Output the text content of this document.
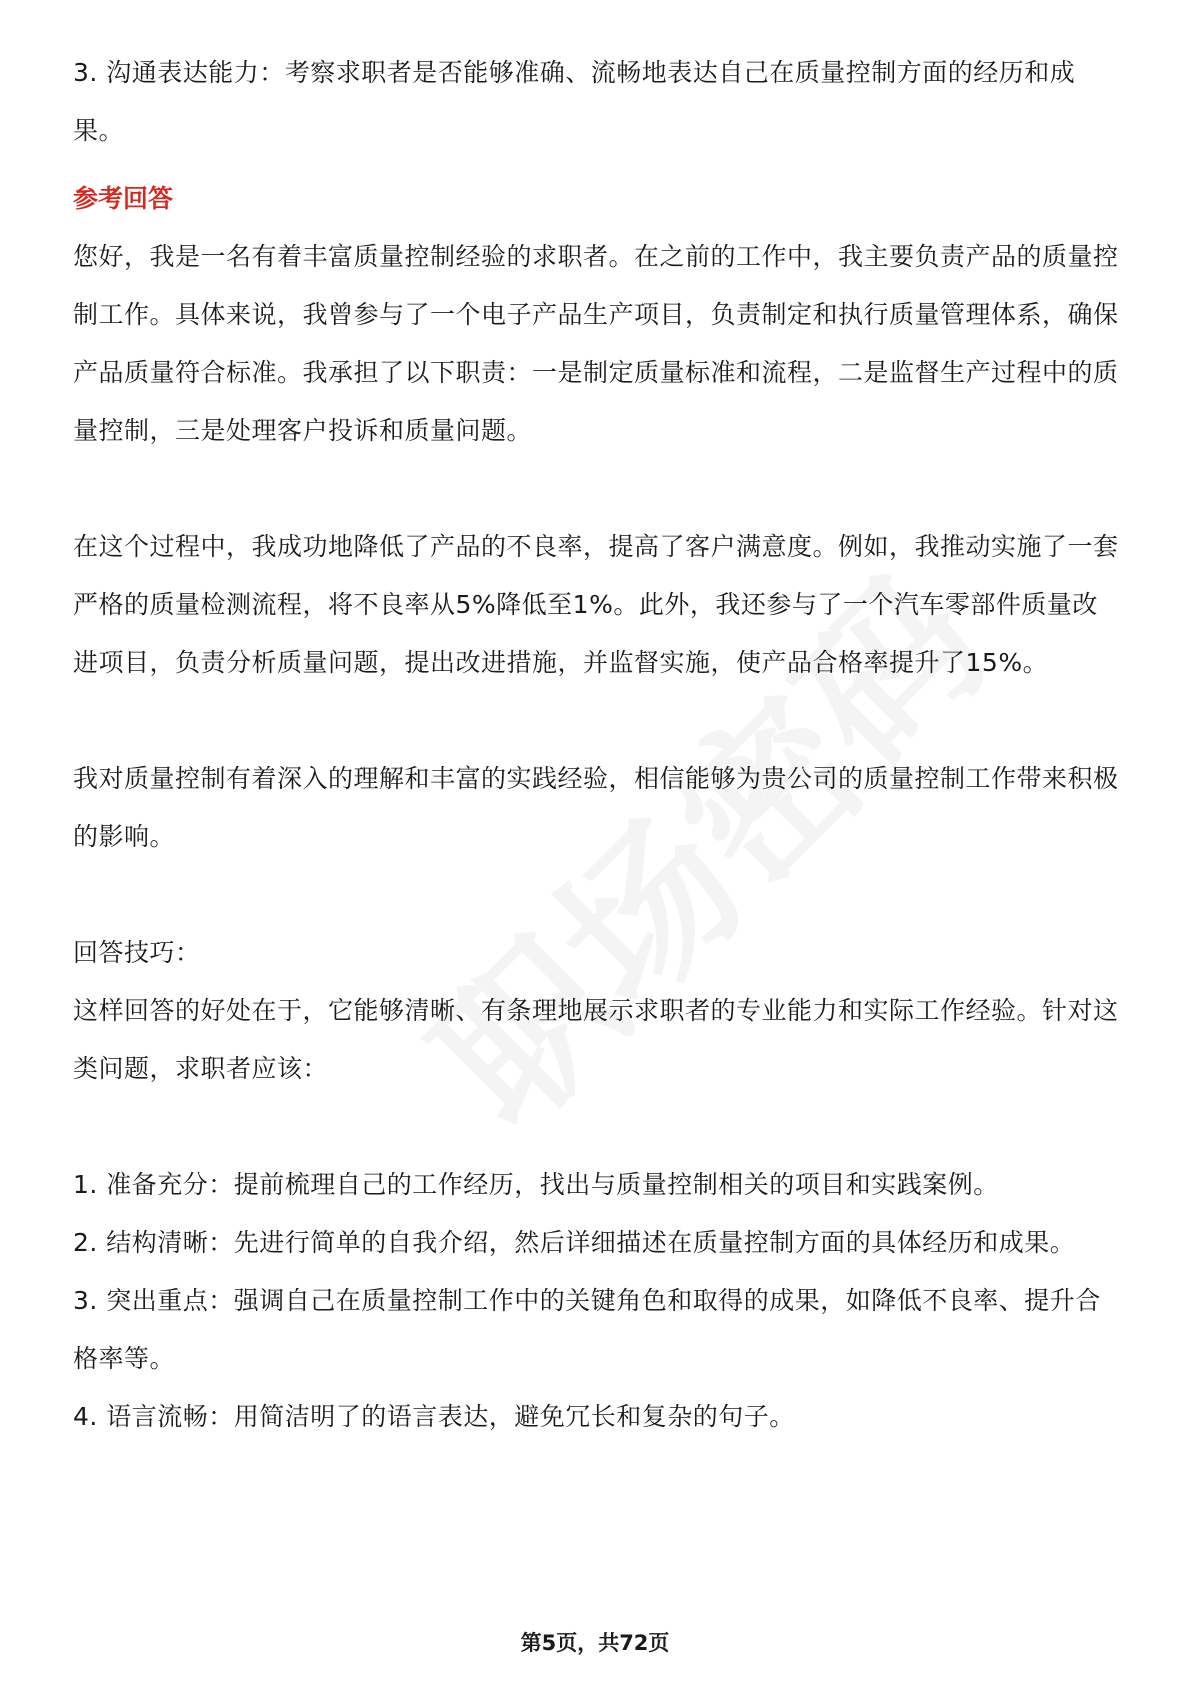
3. 沟通表达能力：考察求职者是否能够准确、流畅地表达自己在质量控制方面的经历和成果。

参考回答

您好，我是一名有着丰富质量控制经验的求职者。在之前的工作中，我主要负责产品的质量控制工作。具体来说，我曾参与了一个电子产品生产项目，负责制定和执行质量管理体系，确保产品质量符合标准。我承担了以下职责：一是制定质量标准和流程，二是监督生产过程中的质量控制，三是处理客户投诉和质量问题。

在这个过程中，我成功地降低了产品的不良率，提高了客户满意度。例如，我推动实施了一套严格的质量检测流程，将不良率从5%降低至1%。此外，我还参与了一个汽车零部件质量改进项目，负责分析质量问题，提出改进措施，并监督实施，使产品合格率提升了15%。

我对质量控制有着深入的理解和丰富的实践经验，相信能够为贵公司的质量控制工作带来积极的影响。

回答技巧：

这样回答的好处在于，它能够清晰、有条理地展示求职者的专业能力和实际工作经验。针对这类问题，求职者应该：

1. 准备充分：提前梳理自己的工作经历，找出与质量控制相关的项目和实践案例。

2. 结构清晰：先进行简单的自我介绍，然后详细描述在质量控制方面的具体经历和成果。

3. 突出重点：强调自己在质量控制工作中的关键角色和取得的成果，如降低不良率、提升合格率等。

4. 语言流畅：用简洁明了的语言表达，避免冗长和复杂的句子。

第5页，共72页
